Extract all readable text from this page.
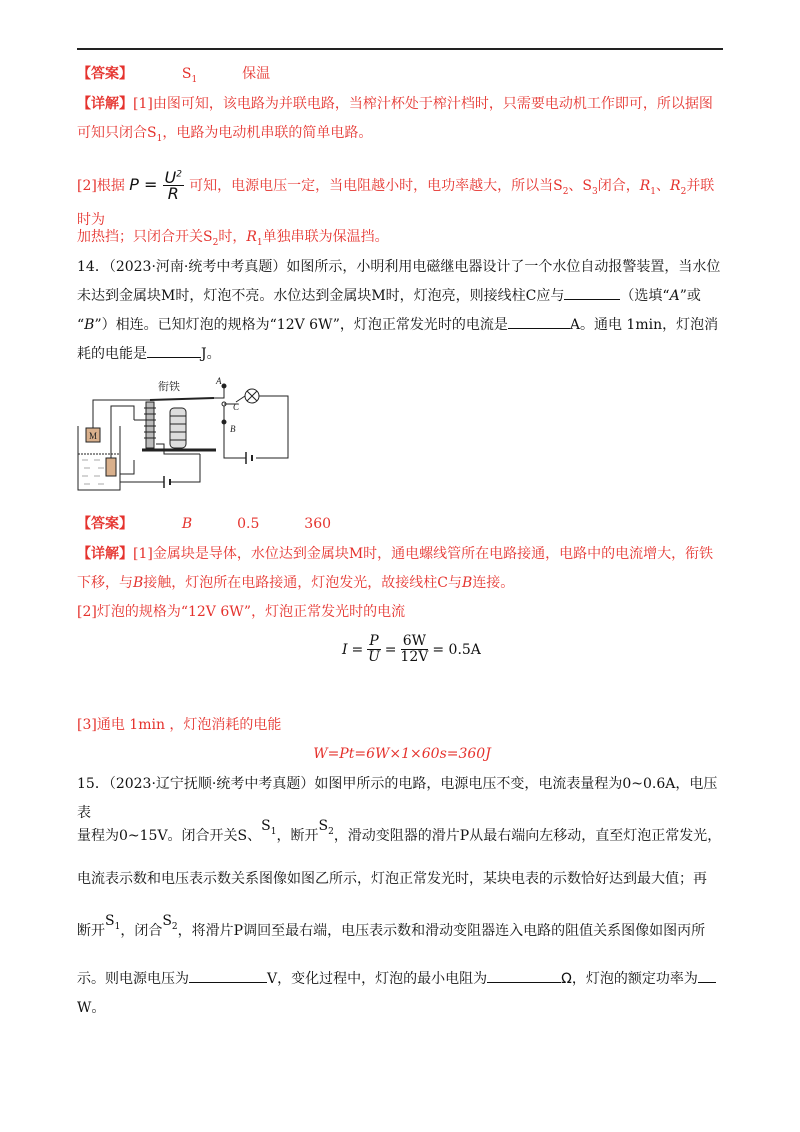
【答案】	$S_1$	保温
【详解】[1]由图可知，该电路为并联电路，当榨汁杯处于榨汁档时，只需要电动机工作即可，所以据图
可知只闭合$S_1$，电路为电动机串联的简单电路。
[2]根据 $P = \frac{U^2}{R}$ 可知，电源电压一定，当电阻越小时，电功率越大，所以当$S_2$、$S_3$闭合，$R_1$、$R_2$并联时为
加热挡；只闭合开关$S_2$时，$R_1$单独串联为保温挡。
14．（2023·河南·统考中考真题）如图所示，小明利用电磁继电器设计了一个水位自动报警装置，当水位
未达到金属块M时，灯泡不亮。水位达到金属块M时，灯泡亮，则接线柱C应与	（选填“A”或
“B”）相连。已知灯泡的规格为“12V 6W”，灯泡正常发光时的电流是	A。通电 1min，灯泡消
耗的电能是	J。
衔铁	A
B
C
M
【答案】	B	0.5	360
【详解】[1]金属块是导体，水位达到金属块M时，通电螺线管所在电路接通，电路中的电流增大，衔铁
下移，与B接触，灯泡所在电路接通，灯泡发光，故接线柱C与B连接。
[2]灯泡的规格为“12V 6W”，灯泡正常发光时的电流
$I = \frac{P}{U} = \frac{6W}{12V} = 0.5A$
[3]通电 1min ，灯泡消耗的电能
W=Pt=6W×1×60s=360J
15．（2023·辽宁抚顺·统考中考真题）如图甲所示的电路，电源电压不变，电流表量程为0~0.6A，电压表
量程为0~15V。闭合开关S、$S_1$，断开$S_2$，滑动变阻器的滑片P从最右端向左移动，直至灯泡正常发光，
电流表示数和电压表示数关系图像如图乙所示，灯泡正常发光时，某块电表的示数恰好达到最大值；再
断开$S_1$，闭合$S_2$，将滑片P调回至最右端，电压表示数和滑动变阻器连入电路的阻值关系图像如图丙所
示。则电源电压为	V，变化过程中，灯泡的最小电阻为	Ω，灯泡的额定功率为
W。
